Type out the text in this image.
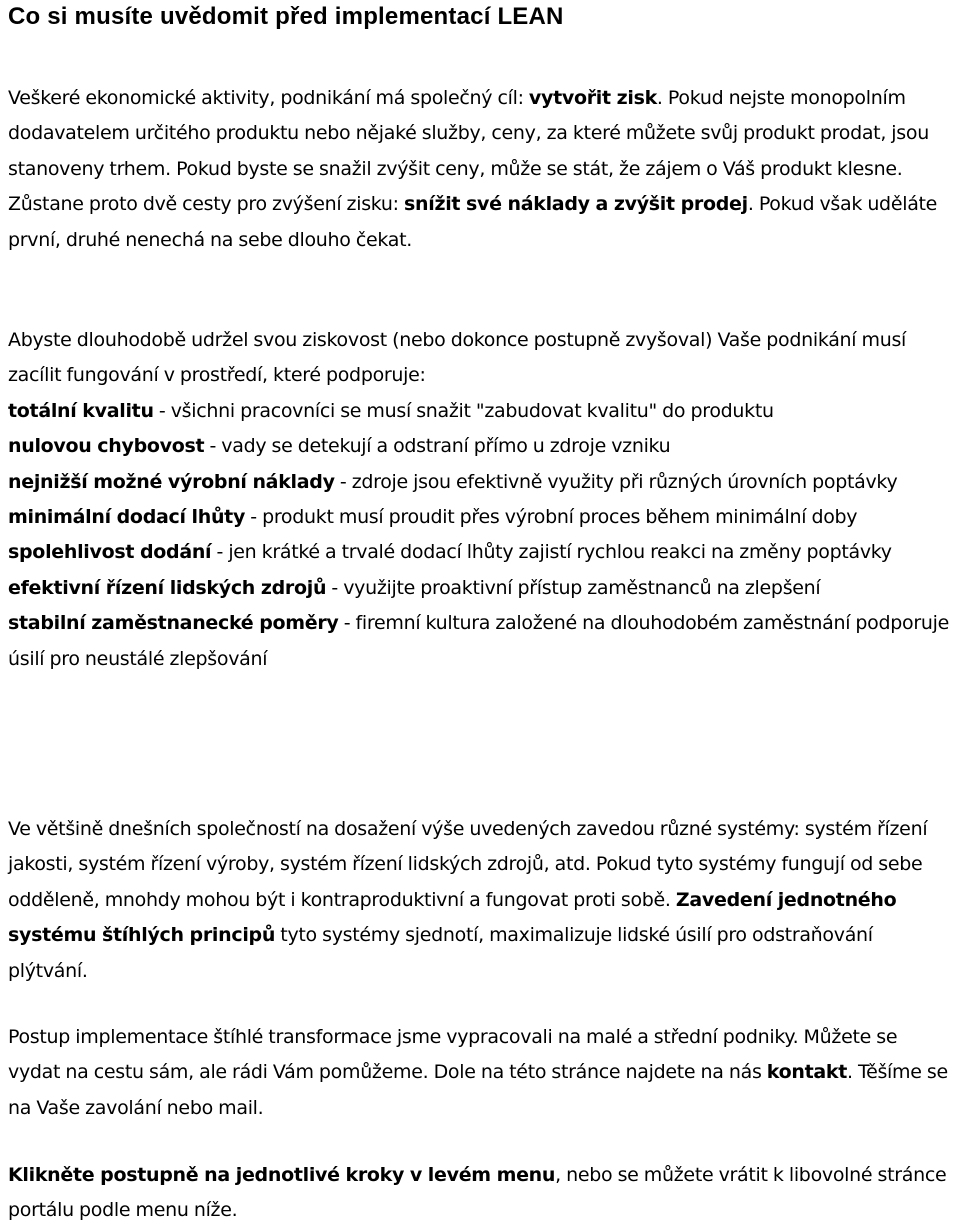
Co si musíte uvědomit před implementací LEAN
Veškeré ekonomické aktivity, podnikání má společný cíl: vytvořit zisk. Pokud nejste monopolním dodavatelem určitého produktu nebo nějaké služby, ceny, za které můžete svůj produkt prodat, jsou stanoveny trhem. Pokud byste se snažil zvýšit ceny, může se stát, že zájem o Váš produkt klesne. Zůstane proto dvě cesty pro zvýšení zisku: snížit své náklady a zvýšit prodej. Pokud však uděláte první, druhé nenechá na sebe dlouho čekat.
Abyste dlouhodobě udržel svou ziskovost (nebo dokonce postupně zvyšoval) Vaše podnikání musí zacílit fungování v prostředí, které podporuje:
totální kvalitu - všichni pracovníci se musí snažit "zabudovat kvalitu" do produktu
nulovou chybovost - vady se detekují a odstraní přímo u zdroje vzniku
nejnižší možné výrobní náklady - zdroje jsou efektivně využity při různých úrovních poptávky
minimální dodací lhůty - produkt musí proudit přes výrobní proces během minimální doby
spolehlivost dodání - jen krátké a trvalé dodací lhůty zajistí rychlou reakci na změny poptávky
efektivní řízení lidských zdrojů - využijte proaktivní přístup zaměstnanců na zlepšení
stabilní zaměstnanecké poměry - firemní kultura založené na dlouhodobém zaměstnání podporuje úsilí pro neustálé zlepšování
Ve většině dnešních společností na dosažení výše uvedených zavedou různé systémy: systém řízení jakosti, systém řízení výroby, systém řízení lidských zdrojů, atd. Pokud tyto systémy fungují od sebe odděleně, mnohdy mohou být i kontraproduktivní a fungovat proti sobě. Zavedení jednotného systému štíhlých principů tyto systémy sjednotí, maximalizuje lidské úsilí pro odstraňování plýtvání.
Postup implementace štíhlé transformace jsme vypracovali na malé a střední podniky. Můžete se vydat na cestu sám, ale rádi Vám pomůžeme. Dole na této stránce najdete na nás kontakt. Těšíme se na Vaše zavolání nebo mail.
Klikněte postupně na jednotlivé kroky v levém menu, nebo se můžete vrátit k libovolné stránce portálu podle menu níže.
